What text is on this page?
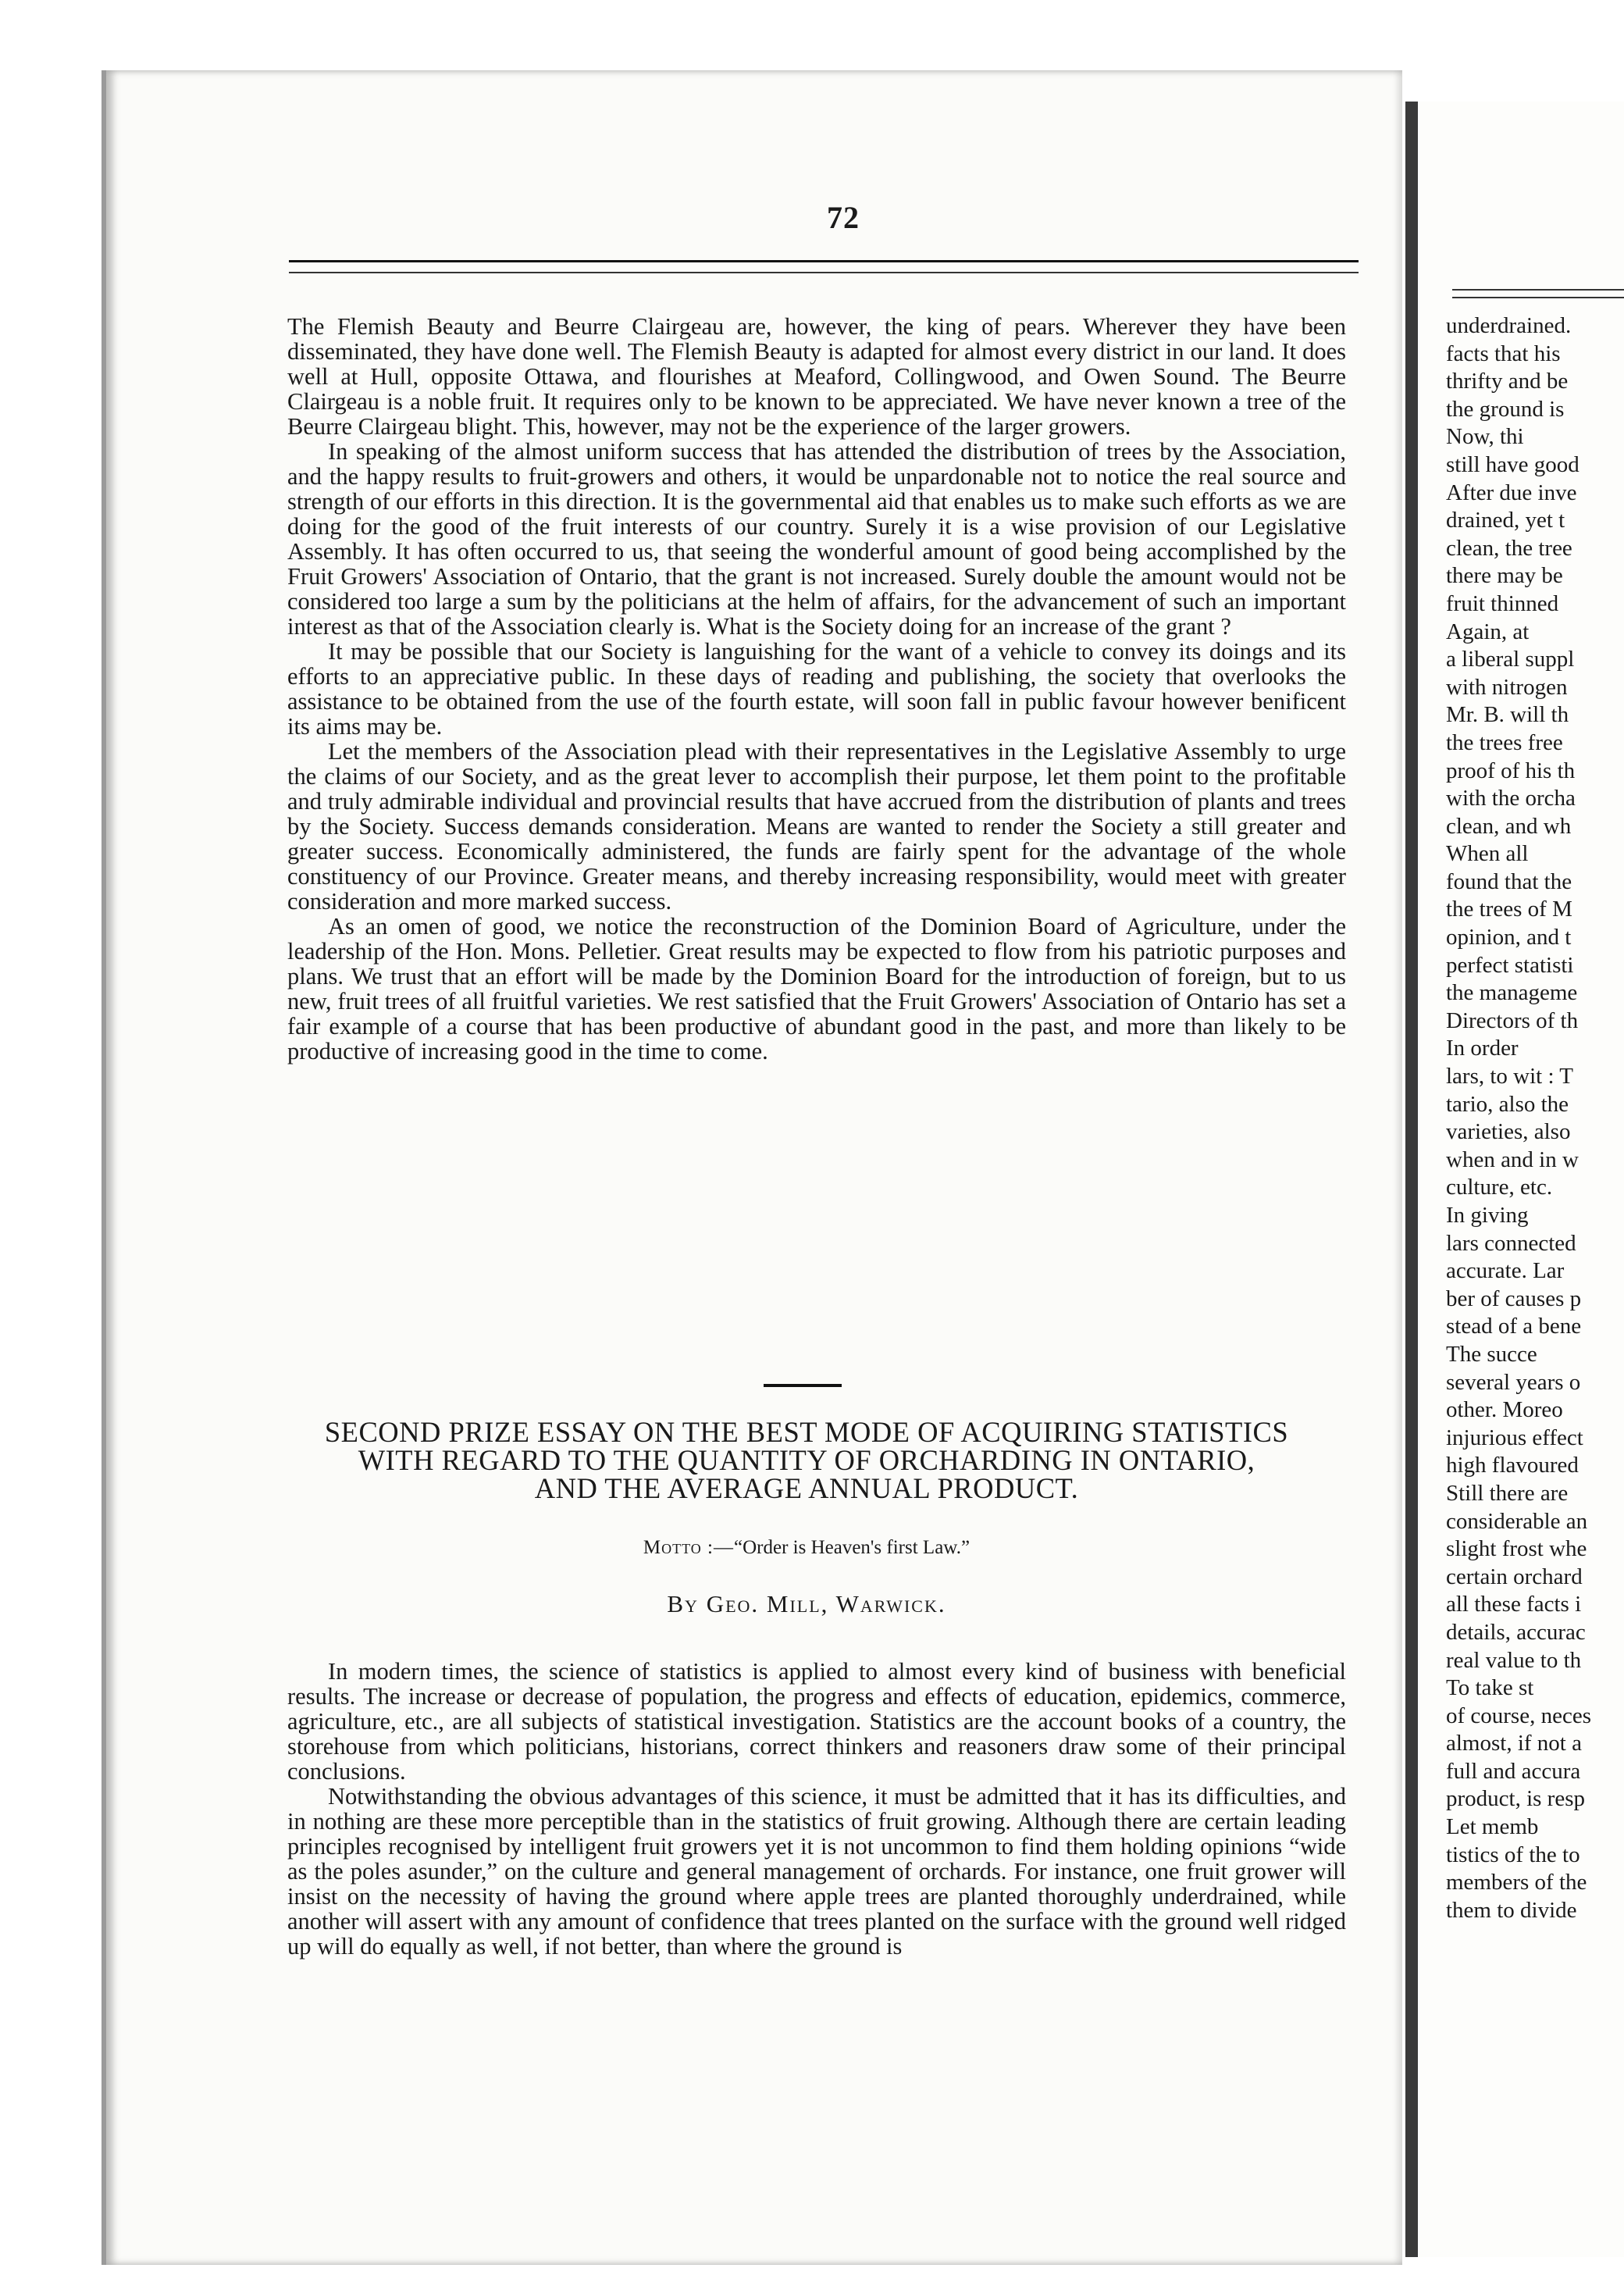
72

The Flemish Beauty and Beurre Clairgeau are, however, the king of pears. Wherever they have been disseminated, they have done well. The Flemish Beauty is adapted for almost every district in our land. It does well at Hull, opposite Ottawa, and flourishes at Meaford, Collingwood, and Owen Sound. The Beurre Clairgeau is a noble fruit. It requires only to be known to be appreciated. We have never known a tree of the Beurre Clairgeau blight. This, however, may not be the experience of the larger growers.

In speaking of the almost uniform success that has attended the distribution of trees by the Association, and the happy results to fruit-growers and others, it would be unpardonable not to notice the real source and strength of our efforts in this direction. It is the governmental aid that enables us to make such efforts as we are doing for the good of the fruit interests of our country. Surely it is a wise provision of our Legislative Assembly. It has often occurred to us, that seeing the wonderful amount of good being accomplished by the Fruit Growers' Association of Ontario, that the grant is not increased. Surely double the amount would not be considered too large a sum by the politicians at the helm of affairs, for the advancement of such an important interest as that of the Association clearly is. What is the Society doing for an increase of the grant ?

It may be possible that our Society is languishing for the want of a vehicle to convey its doings and its efforts to an appreciative public. In these days of reading and publishing, the society that overlooks the assistance to be obtained from the use of the fourth estate, will soon fall in public favour however benificent its aims may be.

Let the members of the Association plead with their representatives in the Legislative Assembly to urge the claims of our Society, and as the great lever to accomplish their purpose, let them point to the profitable and truly admirable individual and provincial results that have accrued from the distribution of plants and trees by the Society. Success demands consideration. Means are wanted to render the Society a still greater and greater success. Economically administered, the funds are fairly spent for the advantage of the whole constituency of our Province. Greater means, and thereby increasing responsibility, would meet with greater consideration and more marked success.

As an omen of good, we notice the reconstruction of the Dominion Board of Agriculture, under the leadership of the Hon. Mons. Pelletier. Great results may be expected to flow from his patriotic purposes and plans. We trust that an effort will be made by the Dominion Board for the introduction of foreign, but to us new, fruit trees of all fruitful varieties. We rest satisfied that the Fruit Growers' Association of Ontario has set a fair example of a course that has been productive of abundant good in the past, and more than likely to be productive of increasing good in the time to come.

SECOND PRIZE ESSAY ON THE BEST MODE OF ACQUIRING STATISTICS
WITH REGARD TO THE QUANTITY OF ORCHARDING IN ONTARIO,
AND THE AVERAGE ANNUAL PRODUCT.
Motto :—“Order is Heaven's first Law.”
By Geo. Mill, Warwick.

In modern times, the science of statistics is applied to almost every kind of business with beneficial results. The increase or decrease of population, the progress and effects of education, epidemics, commerce, agriculture, etc., are all subjects of statistical investigation. Statistics are the account books of a country, the storehouse from which politicians, historians, correct thinkers and reasoners draw some of their principal conclusions.

Notwithstanding the obvious advantages of this science, it must be admitted that it has its difficulties, and in nothing are these more perceptible than in the statistics of fruit growing. Although there are certain leading principles recognised by intelligent fruit growers yet it is not uncommon to find them holding opinions “wide as the poles asunder,” on the culture and general management of orchards. For instance, one fruit grower will insist on the necessity of having the ground where apple trees are planted thoroughly underdrained, while another will assert with any amount of confidence that trees planted on the surface with the ground well ridged up will do equally as well, if not better, than where the ground is

underdrained.
facts that his
thrifty and be
the ground is
Now, thi
still have good
After due inve
drained, yet t
clean, the tree
there may be
fruit thinned
Again, at
a liberal suppl
with nitrogen
Mr. B. will th
the trees free
proof of his th
with the orcha
clean, and wh
When all
found that the
the trees of M
opinion, and t
perfect statisti
the manageme
Directors of th
In order
lars, to wit : T
tario, also the
varieties, also
when and in w
culture, etc.
In giving
lars connected
accurate. Lar
ber of causes p
stead of a bene
The succe
several years o
other. Moreo
injurious effect
high flavoured
Still there are
considerable an
slight frost whe
certain orchard
all these facts i
details, accurac
real value to th
To take st
of course, neces
almost, if not a
full and accura
product, is resp
Let memb
tistics of the to
members of the
them to divide
